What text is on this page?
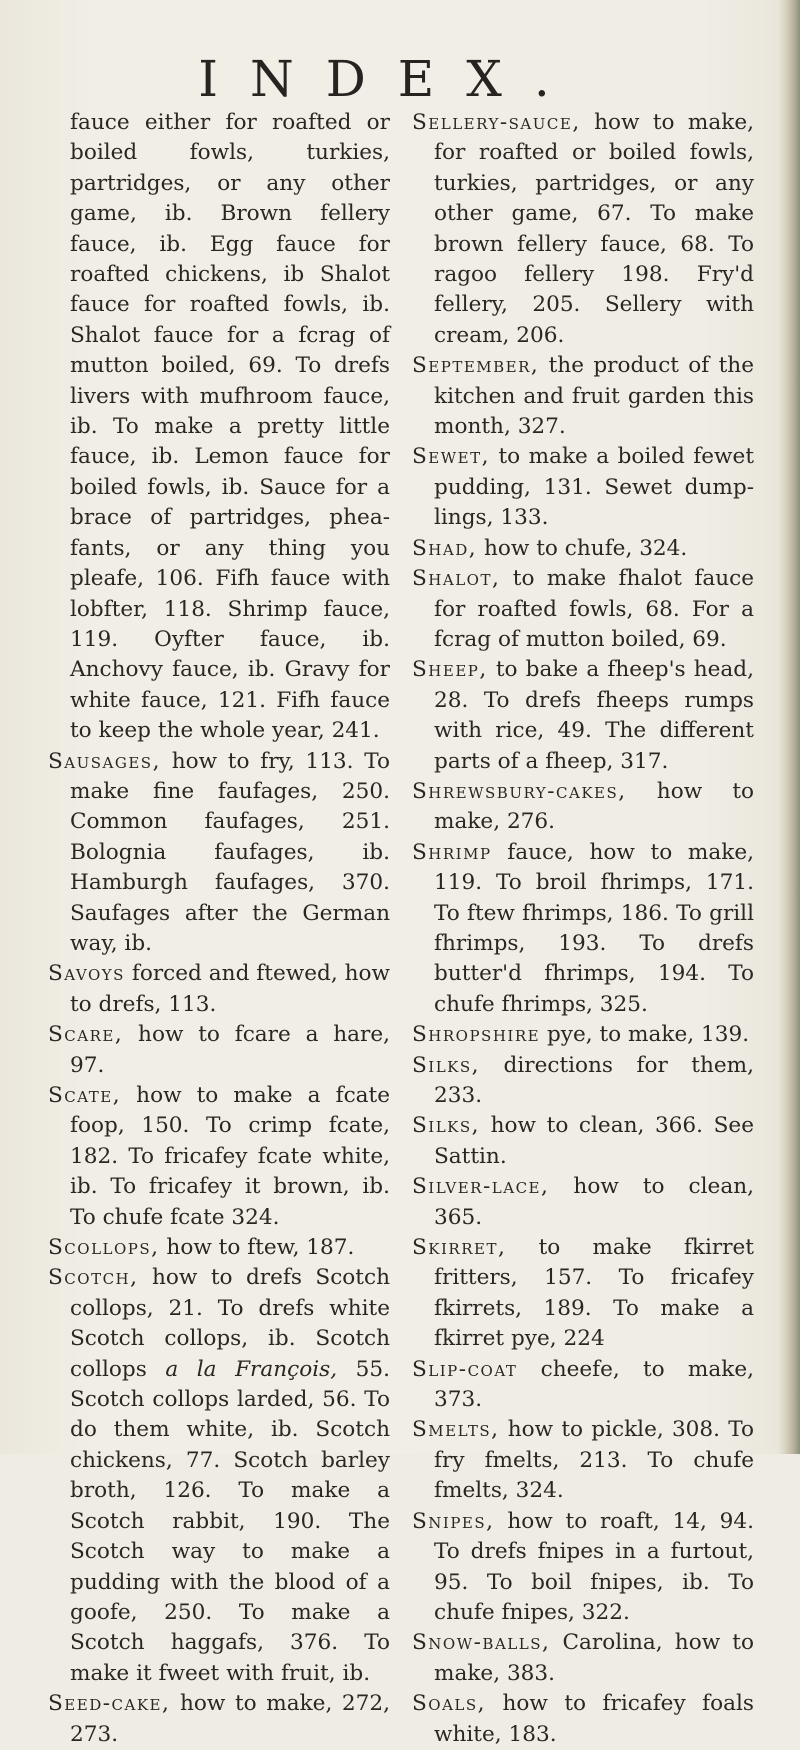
INDEX.

fauce either for roafted or boiled fowls, turkies, partridges, or any other game, ib. Brown fellery fauce, ib. Egg fauce for roafted chickens, ib Shalot fauce for roafted fowls, ib. Shalot fauce for a fcrag of mutton boiled, 69. To drefs livers with mufhroom fauce, ib. To make a pretty little fauce, ib. Lemon fauce for boiled fowls, ib. Sauce for a brace of partridges, pheafants, or any thing you pleafe, 106. Fifh fauce with lobfter, 118. Shrimp fauce, 119. Oyfter fauce, ib. Anchovy fauce, ib. Gravy for white fauce, 121. Fifh fauce to keep the whole year, 241.

Sausages, how to fry, 113. To make fine faufages, 250. Common faufages, 251. Bolognia faufages, ib. Hamburgh faufages, 370. Saufages after the German way, ib.

Savoys forced and ftewed, how to drefs, 113.

Scare, how to fcare a hare, 97.

Scate, how to make a fcate foop, 150. To crimp fcate, 182. To fricafey fcate white, ib. To fricafey it brown, ib. To chufe fcate 324.

Scollops, how to ftew, 187.

Scotch, how to drefs Scotch collops, 21. To drefs white Scotch collops, ib. Scotch collops a la François, 55. Scotch collops larded, 56. To do them white, ib. Scotch chickens, 77. Scotch barley broth, 126. To make a Scotch rabbit, 190. The Scotch way to make a pudding with the blood of a goofe, 250. To make a Scotch haggafs, 376. To make it fweet with fruit, ib.

Seed-cake, how to make, 272, 273.

Sellery-sauce, how to make, for roafted or boiled fowls, turkies, partridges, or any other game, 67. To make brown fellery fauce, 68. To ragoo fellery 198. Fry'd fellery, 205. Sellery with cream, 206.

September, the product of the kitchen and fruit garden this month, 327.

Sewet, to make a boiled fewet pudding, 131. Sewet dumplings, 133.

Shad, how to chufe, 324.

Shalot, to make fhalot fauce for roafted fowls, 68. For a fcrag of mutton boiled, 69.

Sheep, to bake a fheep's head, 28. To drefs fheeps rumps with rice, 49. The different parts of a fheep, 317.

Shrewsbury-cakes, how to make, 276.

Shrimp fauce, how to make, 119. To broil fhrimps, 171. To ftew fhrimps, 186. To grill fhrimps, 193. To drefs butter'd fhrimps, 194. To chufe fhrimps, 325.

Shropshire pye, to make, 139.

Silks, directions for them, 233.

Silks, how to clean, 366. See Sattin.

Silver-lace, how to clean, 365.

Skirret, to make fkirret fritters, 157. To fricafey fkirrets, 189. To make a fkirret pye, 224

Slip-coat cheefe, to make, 373.

Smelts, how to pickle, 308. To fry fmelts, 213. To chufe fmelts, 324.

Snipes, how to roaft, 14, 94. To drefs fnipes in a furtout, 95. To boil fnipes, ib. To chufe fnipes, 322.

Snow-balls, Carolina, how to make, 383.

Soals, how to fricafey foals white, 183.
